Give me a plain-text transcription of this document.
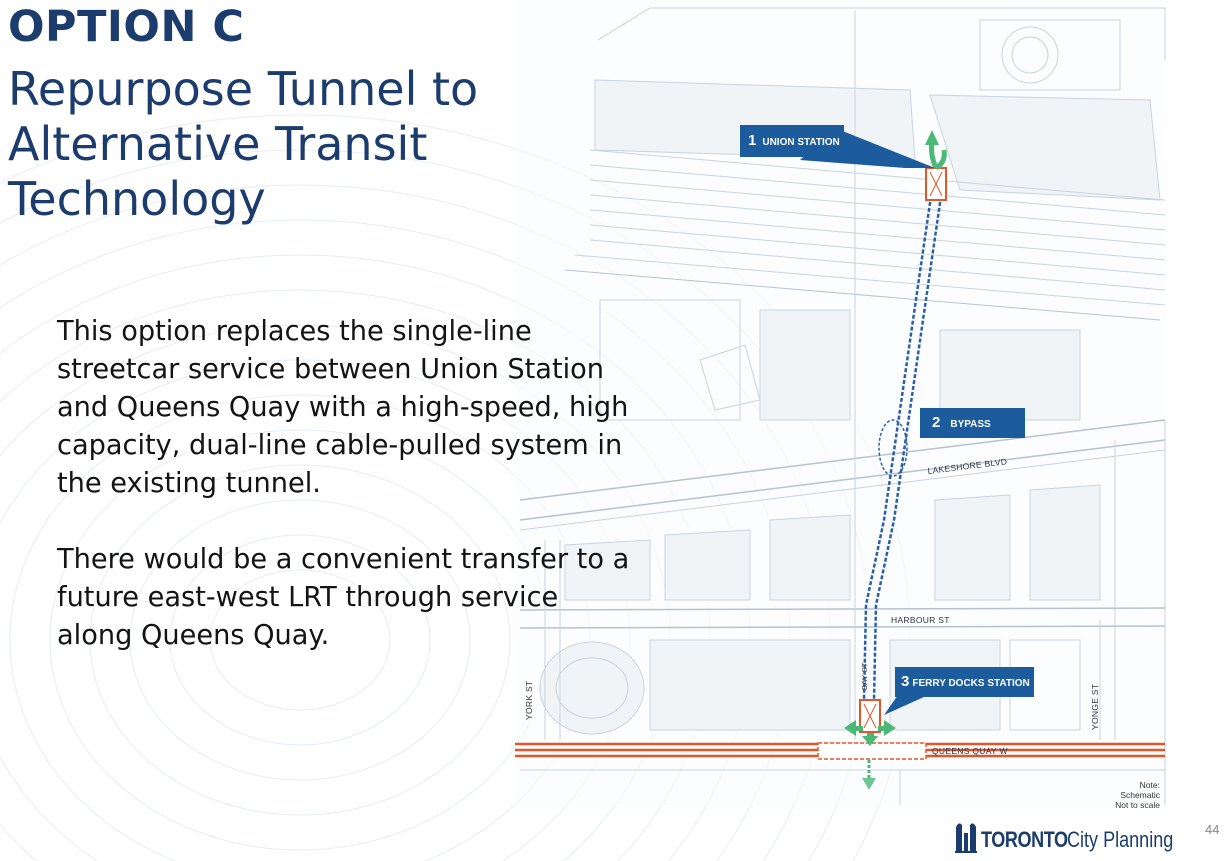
1 UNION STATION
2 BYPASS
3 FERRY DOCKS STATION
LAKESHORE BLVD
HARBOUR ST
QUEENS QUAY W
YORK ST
BAY ST
YONGE ST
Note: Schematic
Not to scale
OPTION C
Repurpose Tunnel to Alternative Transit Technology

This option replaces the single-line streetcar service between Union Station and Queens Quay with a high-speed, high capacity, dual-line cable-pulled system in the existing tunnel.

There would be a convenient transfer to a future east-west LRT through service along Queens Quay.

TORONTO City Planning 44
